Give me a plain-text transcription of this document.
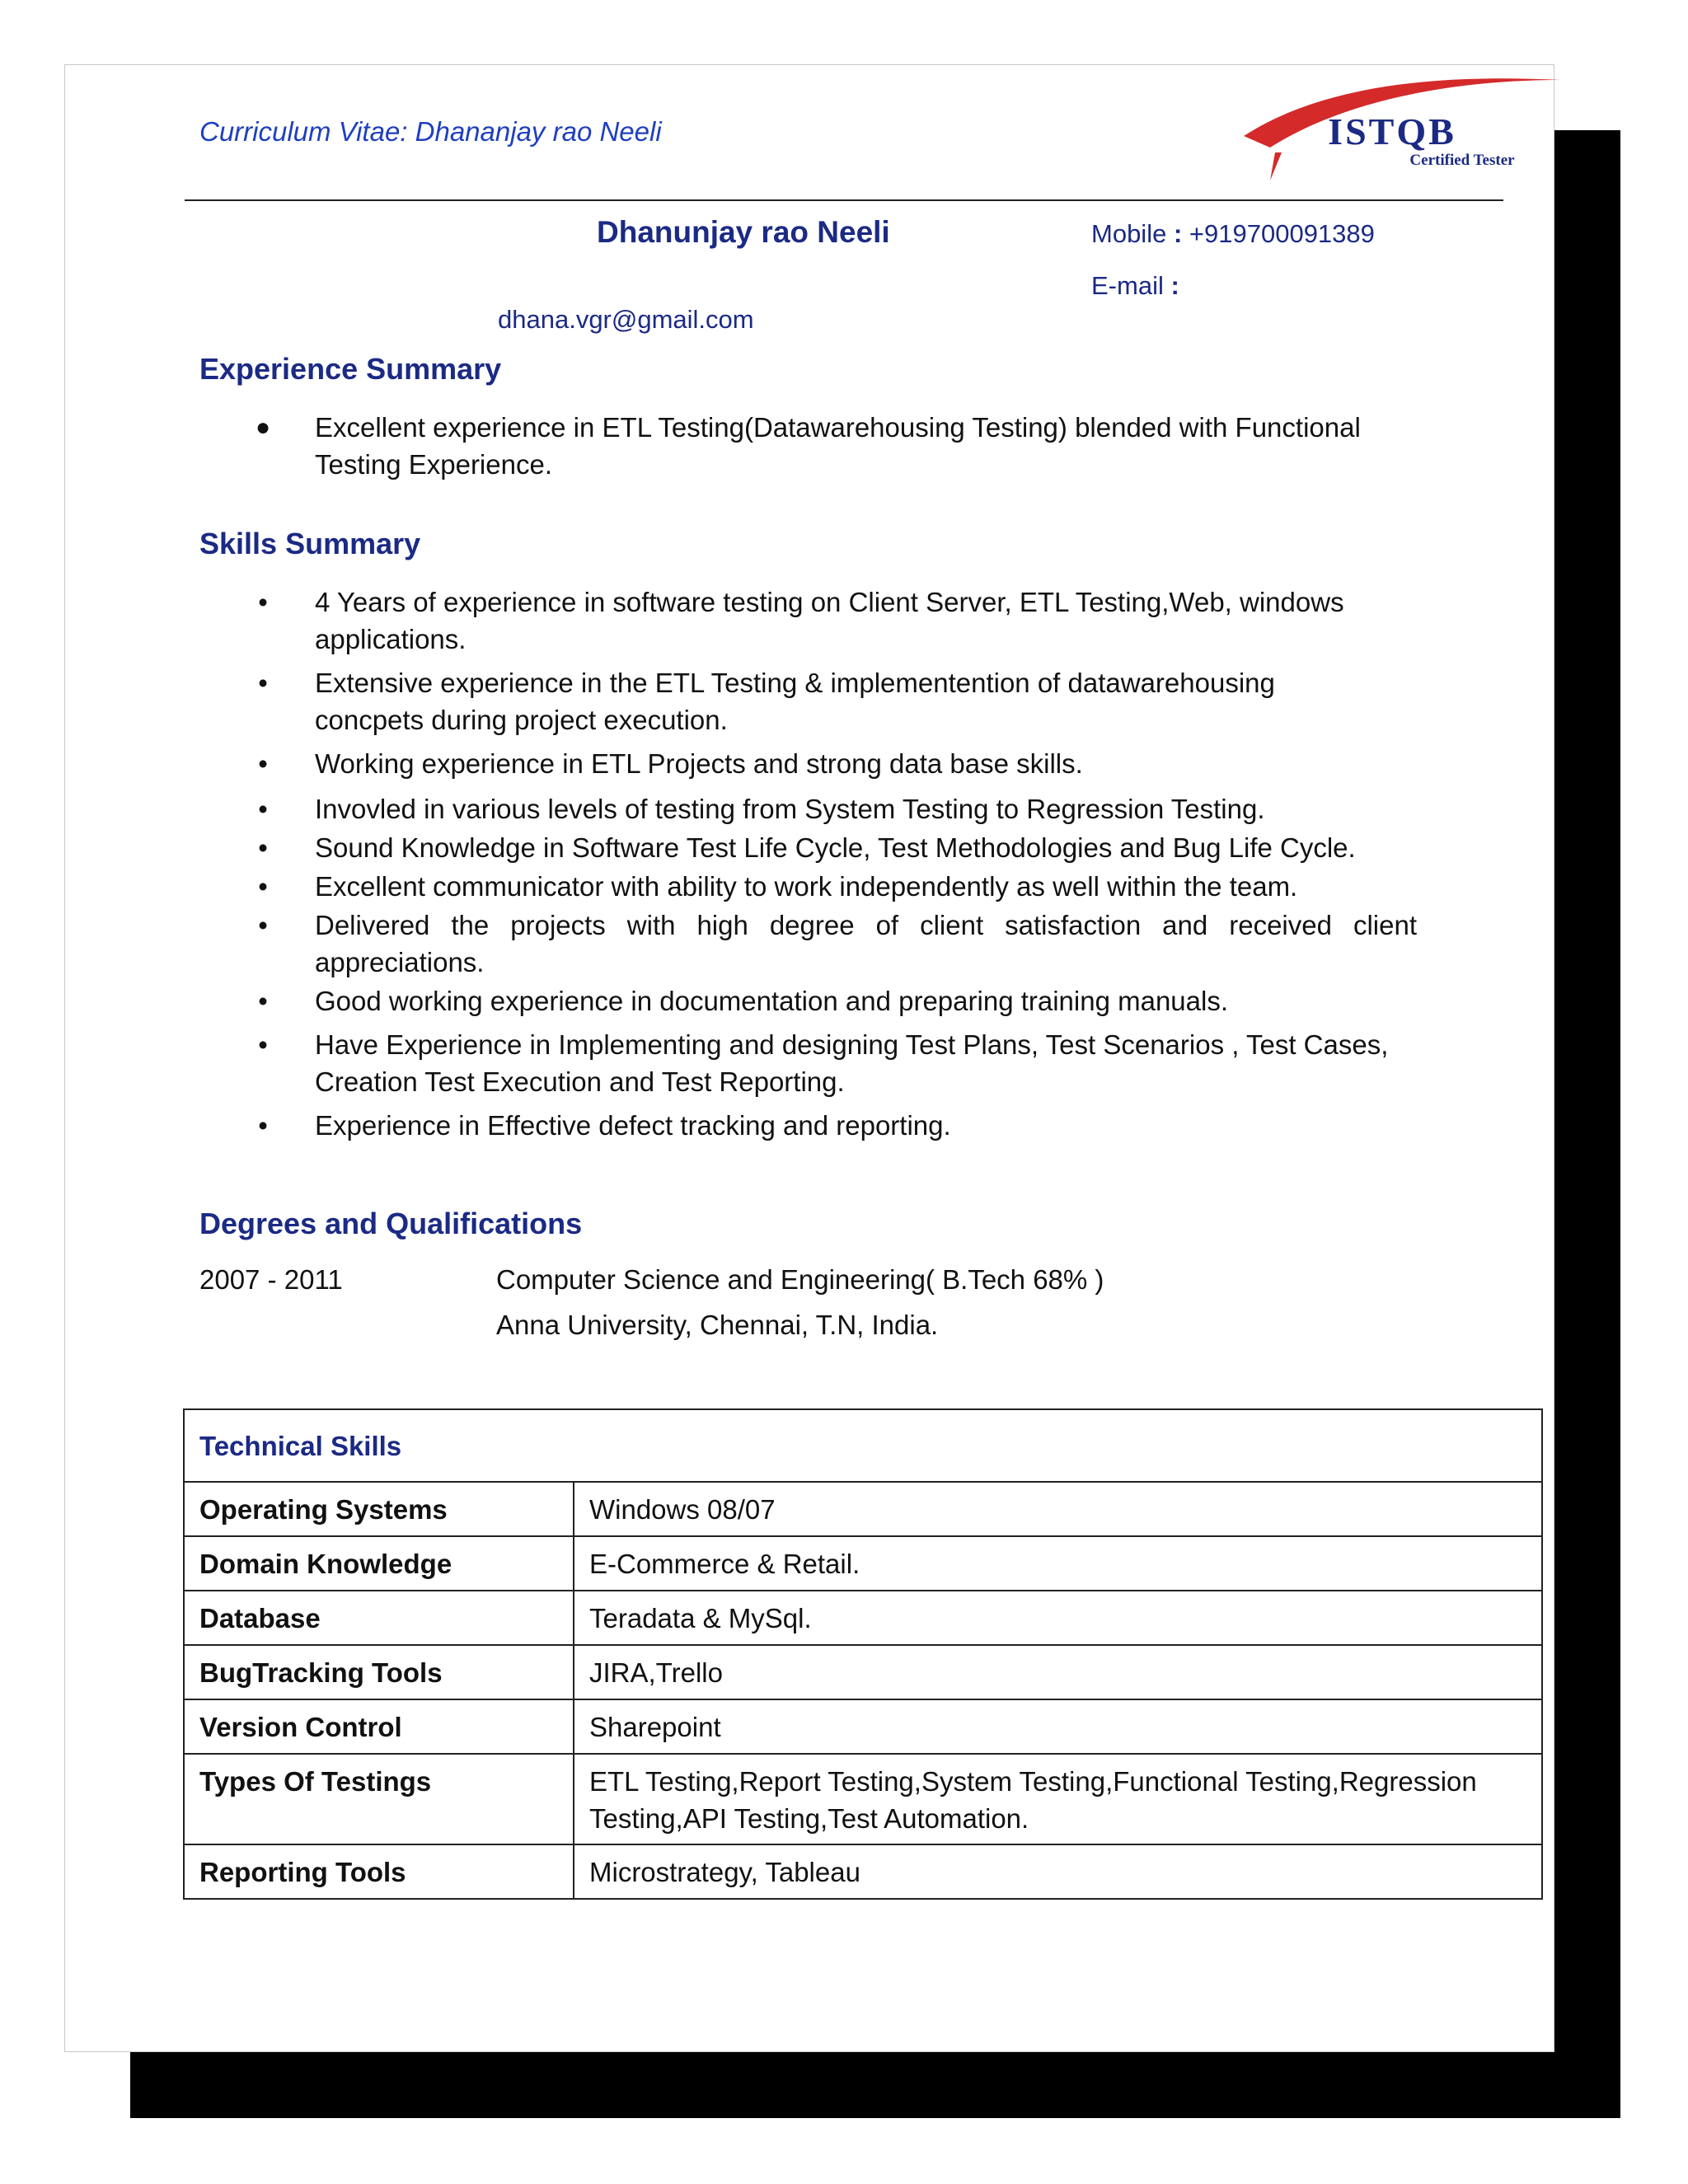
Curriculum Vitae: Dhananjay rao Neeli	ISTQB
Certified Tester
Dhanunjay rao Neeli	Mobile : +919700091389
E-mail :
dhana.vgr@gmail.com
Experience Summary
●	Excellent experience in ETL Testing(Datawarehousing Testing) blended with Functional
Testing Experience.
Skills Summary
•	4 Years of experience in software testing on Client Server, ETL Testing,Web, windows
applications.
•	Extensive experience in the ETL Testing & implementention of datawarehousing
concpets during project execution.
•	Working experience in ETL Projects and strong data base skills.
•	Invovled in various levels of testing from System Testing to Regression Testing.
•	Sound Knowledge in Software Test Life Cycle, Test Methodologies and Bug Life Cycle.
•	Excellent communicator with ability to work independently as well within the team.
•	Delivered the projects with high degree of client satisfaction and received client
appreciations.
•	Good working experience in documentation and preparing training manuals.
•	Have Experience in Implementing and designing Test Plans, Test Scenarios , Test Cases,
Creation Test Execution and Test Reporting.
•	Experience in Effective defect tracking and reporting.
Degrees and Qualifications
2007 - 2011	Computer Science and Engineering( B.Tech 68% )
Anna University, Chennai, T.N, India.
Technical Skills	
Operating Systems	Windows 08/07
Domain Knowledge	E-Commerce & Retail.
Database	Teradata & MySql.
BugTracking Tools	JIRA,Trello
Version Control	Sharepoint
Types Of Testings	ETL Testing,Report Testing,System Testing,Functional Testing,Regression
Testing,API Testing,Test Automation.

Reporting Tools	Microstrategy, Tableau
